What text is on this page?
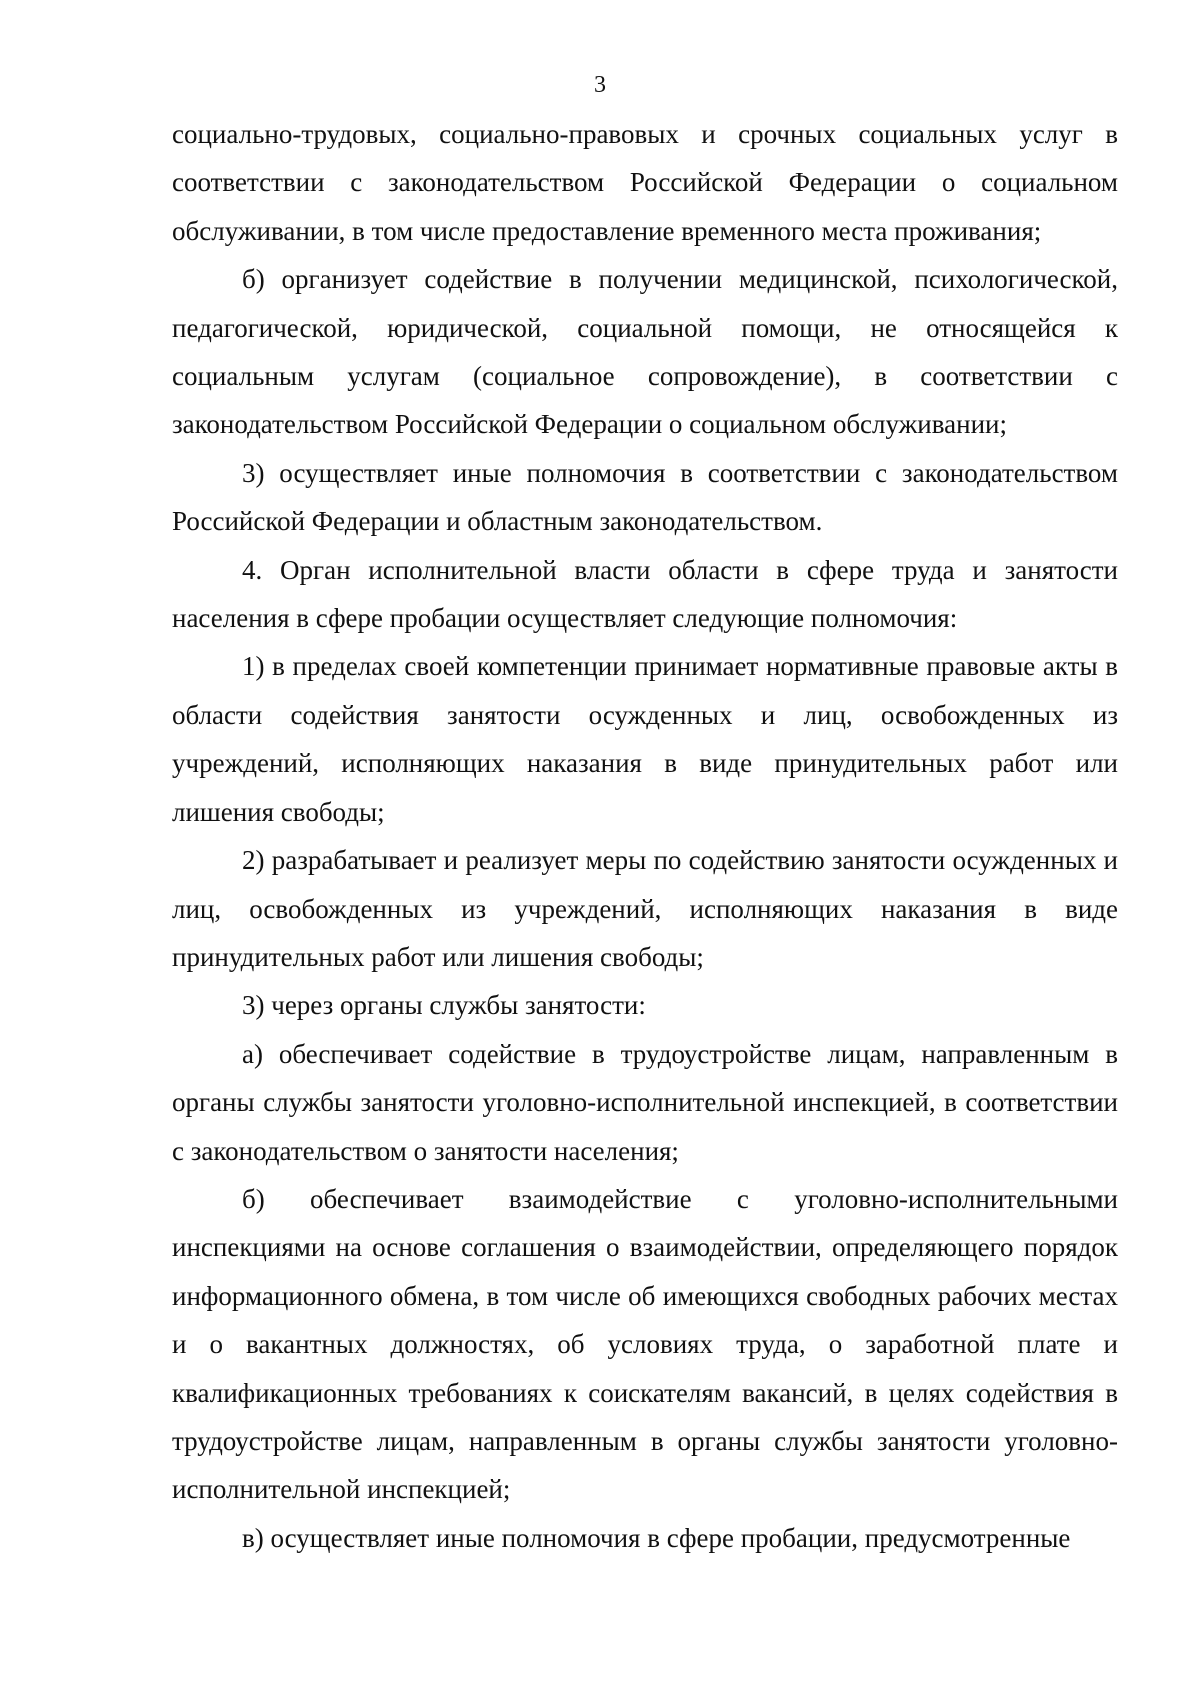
3

социально-трудовых, социально-правовых и срочных социальных услуг в соответствии с законодательством Российской Федерации о социальном обслуживании, в том числе предоставление временного места проживания;

б) организует содействие в получении медицинской, психологической, педагогической, юридической, социальной помощи, не относящейся к социальным услугам (социальное сопровождение), в соответствии с законодательством Российской Федерации о социальном обслуживании;

3) осуществляет иные полномочия в соответствии с законодательством Российской Федерации и областным законодательством.

4. Орган исполнительной власти области в сфере труда и занятости населения в сфере пробации осуществляет следующие полномочия:

1) в пределах своей компетенции принимает нормативные правовые акты в области содействия занятости осужденных и лиц, освобожденных из учреждений, исполняющих наказания в виде принудительных работ или лишения свободы;

2) разрабатывает и реализует меры по содействию занятости осужденных и лиц, освобожденных из учреждений, исполняющих наказания в виде принудительных работ или лишения свободы;

3) через органы службы занятости:

а) обеспечивает содействие в трудоустройстве лицам, направленным в органы службы занятости уголовно-исполнительной инспекцией, в соответствии с законодательством о занятости населения;

б) обеспечивает взаимодействие с уголовно-исполнительными инспекциями на основе соглашения о взаимодействии, определяющего порядок информационного обмена, в том числе об имеющихся свободных рабочих местах и о вакантных должностях, об условиях труда, о заработной плате и квалификационных требованиях к соискателям вакансий, в целях содействия в трудоустройстве лицам, направленным в органы службы занятости уголовно-исполнительной инспекцией;

в) осуществляет иные полномочия в сфере пробации, предусмотренные
